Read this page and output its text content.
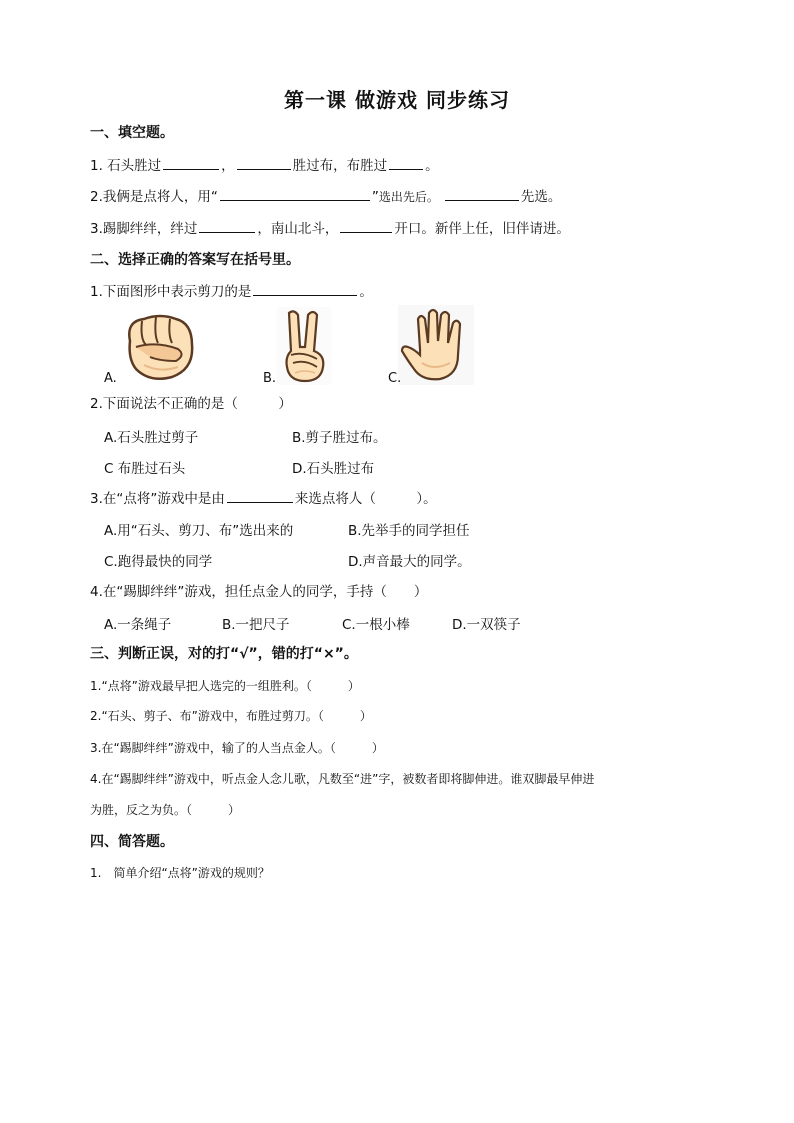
第一课 做游戏 同步练习
一、填空题。
1. 石头胜过	，	胜过布，布胜过	。
2.我俩是点将人，用“	”选出先后。	先选。
3.踢脚绊绊，绊过	，南山北斗，	开口。新伴上任，旧伴请进。
二、选择正确的答案写在括号里。
1.下面图形中表示剪刀的是	。
A.	B.	C.
2.下面说法不正确的是（　　　）
A.石头胜过剪子	B.剪子胜过布。
C 布胜过石头	D.石头胜过布
3.在“点将”游戏中是由	来选点将人（　　　）。
A.用“石头、剪刀、布”选出来的	B.先举手的同学担任
C.跑得最快的同学	D.声音最大的同学。
4.在“踢脚绊绊”游戏，担任点金人的同学，手持（　　）
A.一条绳子	B.一把尺子	C.一根小棒	D.一双筷子
三、判断正误，对的打“√”，错的打“×”。
1.“点将”游戏最早把人选完的一组胜利。（　　　）
2.“石头、剪子、布”游戏中，布胜过剪刀。（　　　）
3.在“踢脚绊绊”游戏中，输了的人当点金人。（　　　）
4.在“踢脚绊绊”游戏中，听点金人念儿歌，凡数至“进”字，被数者即将脚伸进。谁双脚最早伸进
为胜，反之为负。（　　　）
四、简答题。
1.　简单介绍“点将”游戏的规则？
